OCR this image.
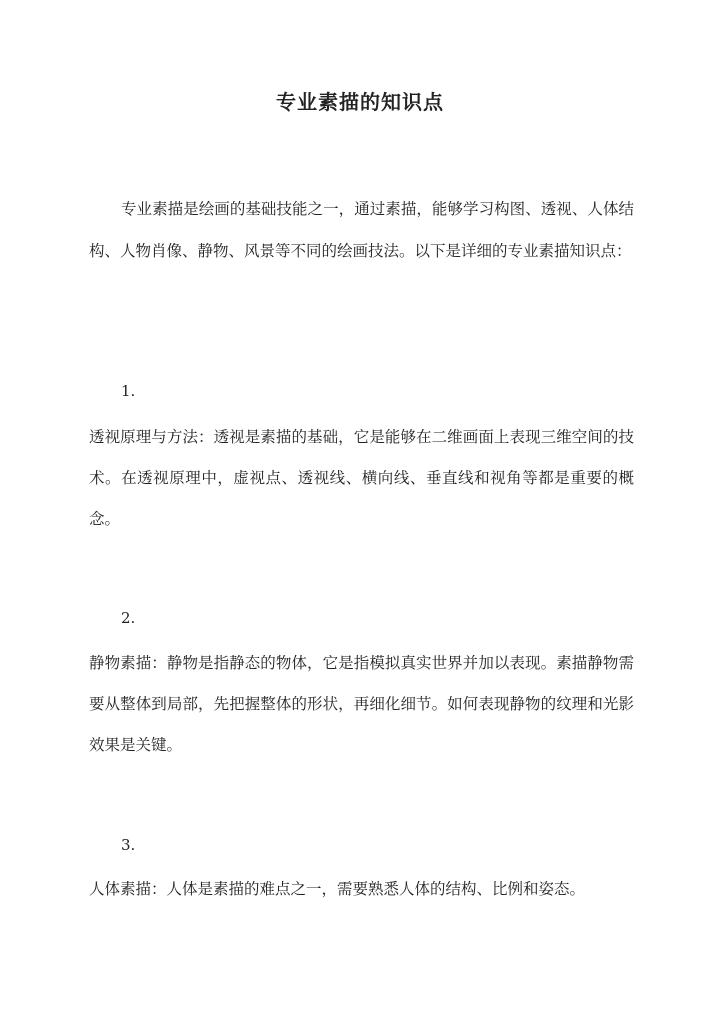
专业素描的知识点

专业素描是绘画的基础技能之一，通过素描，能够学习构图、透视、人体结构、人物肖像、静物、风景等不同的绘画技法。以下是详细的专业素描知识点：

1.

透视原理与方法：透视是素描的基础，它是能够在二维画面上表现三维空间的技术。在透视原理中，虚视点、透视线、横向线、垂直线和视角等都是重要的概念。

2.

静物素描：静物是指静态的物体，它是指模拟真实世界并加以表现。素描静物需要从整体到局部，先把握整体的形状，再细化细节。如何表现静物的纹理和光影效果是关键。

3.

人体素描：人体是素描的难点之一，需要熟悉人体的结构、比例和姿态。
